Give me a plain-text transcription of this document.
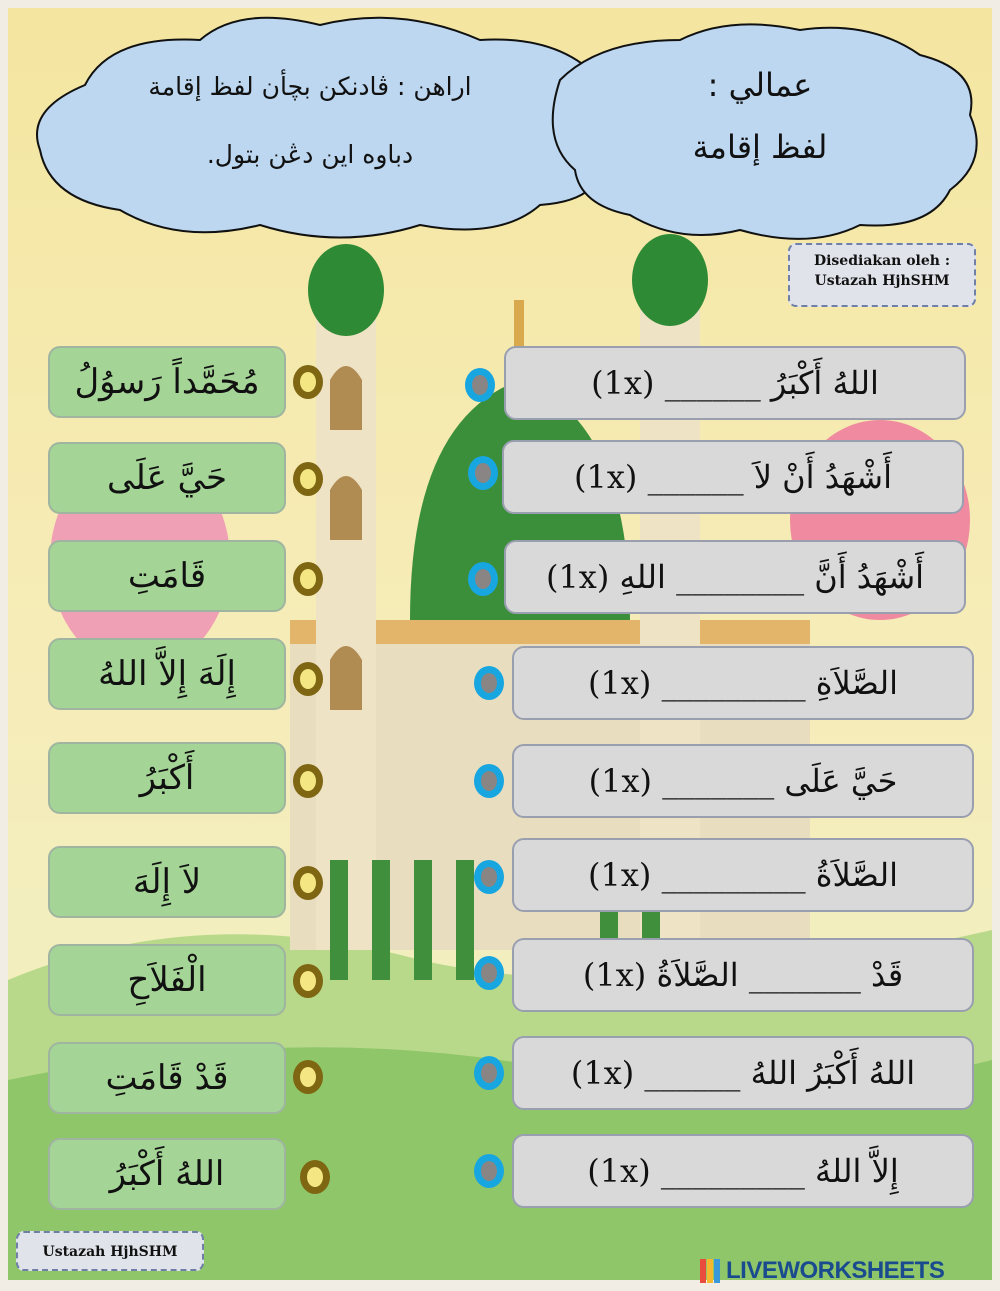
اراهن : ڤادنكن بچأن لفظ إقامة
دباوه اين دڠن بتول.
عمالي :
لفظ إقامة
Disediakan oleh :
Ustazah HjhSHM
Ustazah HjhSHM
مُحَمَّداً رَسوُلُ
حَيَّ عَلَى
قَامَتِ
إِلَهَ إِلاَّ اللهُ
أَكْبَرُ
لاَ إِلَهَ
الْفَلاَحِ
قَدْ قَامَتِ
اللهُ أَكْبَرُ
اللهُ أَكْبَرُ ______ (1x)
أَشْهَدُ أَنْ لاَ ______ (1x)
أَشْهَدُ أَنَّ ________ اللهِ (1x)
الصَّلاَةِ _________ (1x)
حَيَّ عَلَى _______ (1x)
الصَّلاَةُ _________ (1x)
قَدْ _______ الصَّلاَةُ (1x)
اللهُ أَكْبَرُ اللهُ ______ (1x)
إِلاَّ اللهُ _________ (1x)
LIVEWORKSHEETS
